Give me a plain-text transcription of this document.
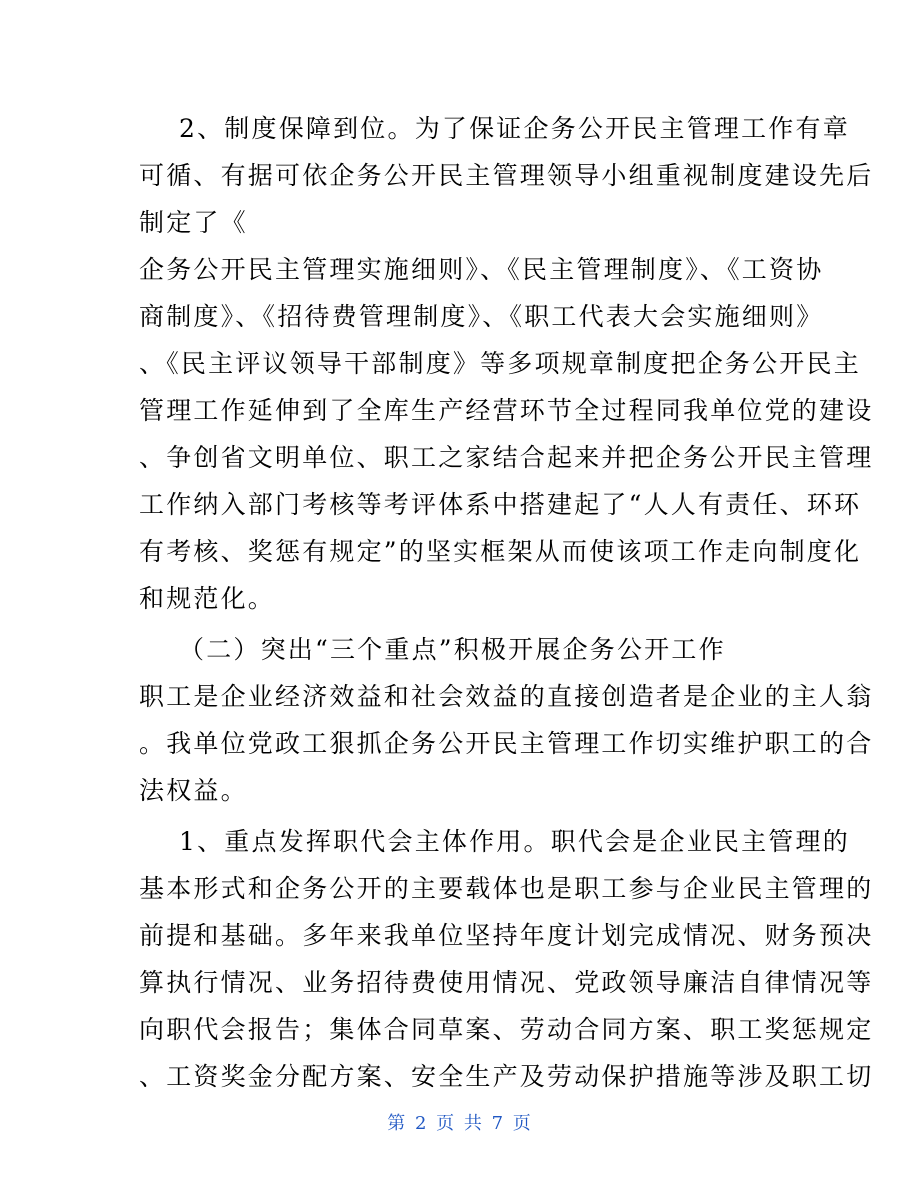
2、制度保障到位。为了保证企务公开民主管理工作有章
可循、有据可依企务公开民主管理领导小组重视制度建设先后
制定了《
企务公开民主管理实施细则》、《民主管理制度》、《工资协
商制度》、《招待费管理制度》、《职工代表大会实施细则》
、《民主评议领导干部制度》等多项规章制度把企务公开民主
管理工作延伸到了全库生产经营环节全过程同我单位党的建设
、争创省文明单位、职工之家结合起来并把企务公开民主管理
工作纳入部门考核等考评体系中搭建起了“人人有责任、环环
有考核、奖惩有规定”的坚实框架从而使该项工作走向制度化
和规范化。
（二）突出“三个重点”积极开展企务公开工作
职工是企业经济效益和社会效益的直接创造者是企业的主人翁
。我单位党政工狠抓企务公开民主管理工作切实维护职工的合
法权益。
1、重点发挥职代会主体作用。职代会是企业民主管理的
基本形式和企务公开的主要载体也是职工参与企业民主管理的
前提和基础。多年来我单位坚持年度计划完成情况、财务预决
算执行情况、业务招待费使用情况、党政领导廉洁自律情况等
向职代会报告；集体合同草案、劳动合同方案、职工奖惩规定
、工资奖金分配方案、安全生产及劳动保护措施等涉及职工切
第 2 页 共 7 页
